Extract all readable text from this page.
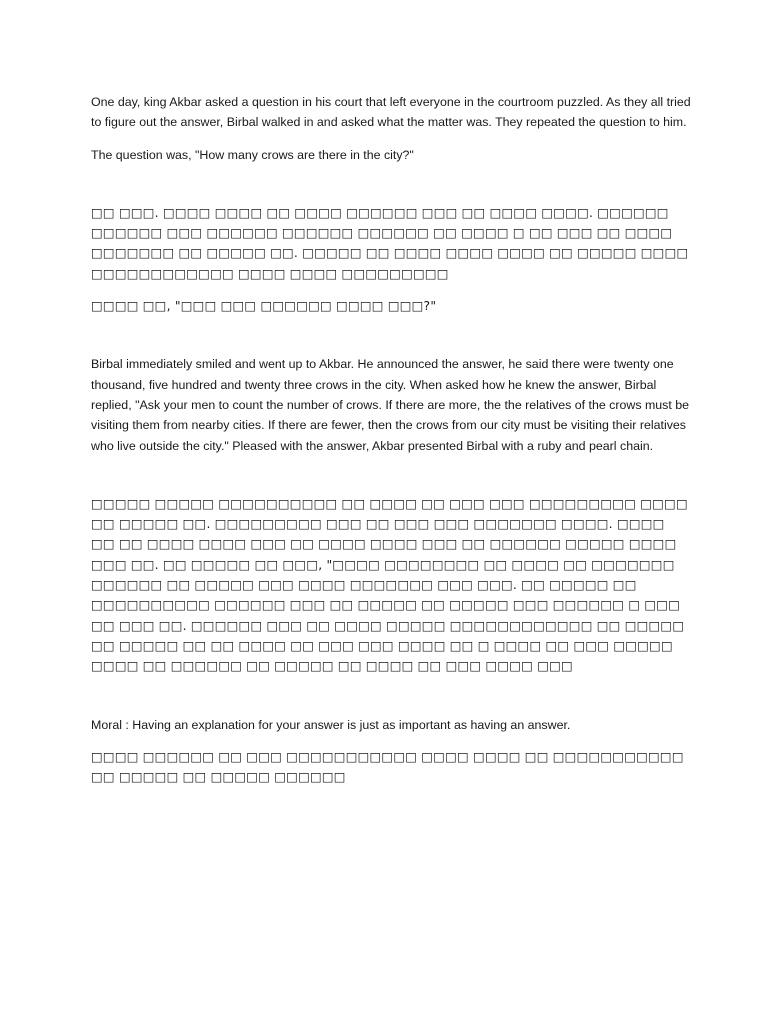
One day, king Akbar asked a question in his court that left everyone in the courtroom puzzled. As they all tried to figure out the answer, Birbal walked in and asked what the matter was. They repeated the question to him.

The question was, "How many crows are there in the city?"

□□ □□□. □□□□ □□□□ □□ □□□□ □□□□□□ □□□ □□ □□□□ □□□□. □□□□□□ □□□□□□ □□□ □□□□□□ □□□□□□ □□□□□□ □□ □□□□ □ □□ □□□ □□ □□□□ □□□□□□□ □□ □□□□□ □□. □□□□□ □□ □□□□ □□□□ □□□□ □□ □□□□□ □□□□ □□□□□□□□□□□□ □□□□ □□□□ □□□□□□□□□

□□□□ □□, "□□□ □□□ □□□□□□ □□□□ □□□?"

Birbal immediately smiled and went up to Akbar. He announced the answer, he said there were twenty one thousand, five hundred and twenty three crows in the city. When asked how he knew the answer, Birbal replied, "Ask your men to count the number of crows. If there are more, the the relatives of the crows must be visiting them from nearby cities. If there are fewer, then the crows from our city must be visiting their relatives who live outside the city." Pleased with the answer, Akbar presented Birbal with a ruby and pearl chain.

□□□□□ □□□□□ □□□□□□□□□□ □□ □□□□ □□ □□□ □□□ □□□□□□□□□ □□□□ □□ □□□□□ □□. □□□□□□□□□ □□□ □□ □□□ □□□ □□□□□□□ □□□□. □□□□ □□ □□ □□□□ □□□□ □□□ □□ □□□□ □□□□ □□□ □□ □□□□□□ □□□□□ □□□□ □□□ □□. □□ □□□□□ □□ □□□, "□□□□ □□□□□□□□ □□ □□□□ □□ □□□□□□□ □□□□□□ □□ □□□□□ □□□ □□□□ □□□□□□□ □□□ □□□. □□ □□□□□ □□ □□□□□□□□□□ □□□□□□ □□□ □□ □□□□□ □□ □□□□□ □□□ □□□□□□ □ □□□ □□ □□□ □□. □□□□□□ □□□ □□ □□□□ □□□□□ □□□□□□□□□□□□ □□ □□□□□ □□ □□□□□ □□ □□ □□□□ □□ □□□ □□□ □□□□ □□ □ □□□□ □□ □□□ □□□□□ □□□□ □□ □□□□□□ □□ □□□□□ □□ □□□□ □□ □□□ □□□□ □□□

Moral : Having an explanation for your answer is just as important as having an answer.

□□□□ □□□□□□ □□ □□□ □□□□□□□□□□□ □□□□ □□□□ □□ □□□□□□□□□□□ □□ □□□□□ □□ □□□□□ □□□□□□
